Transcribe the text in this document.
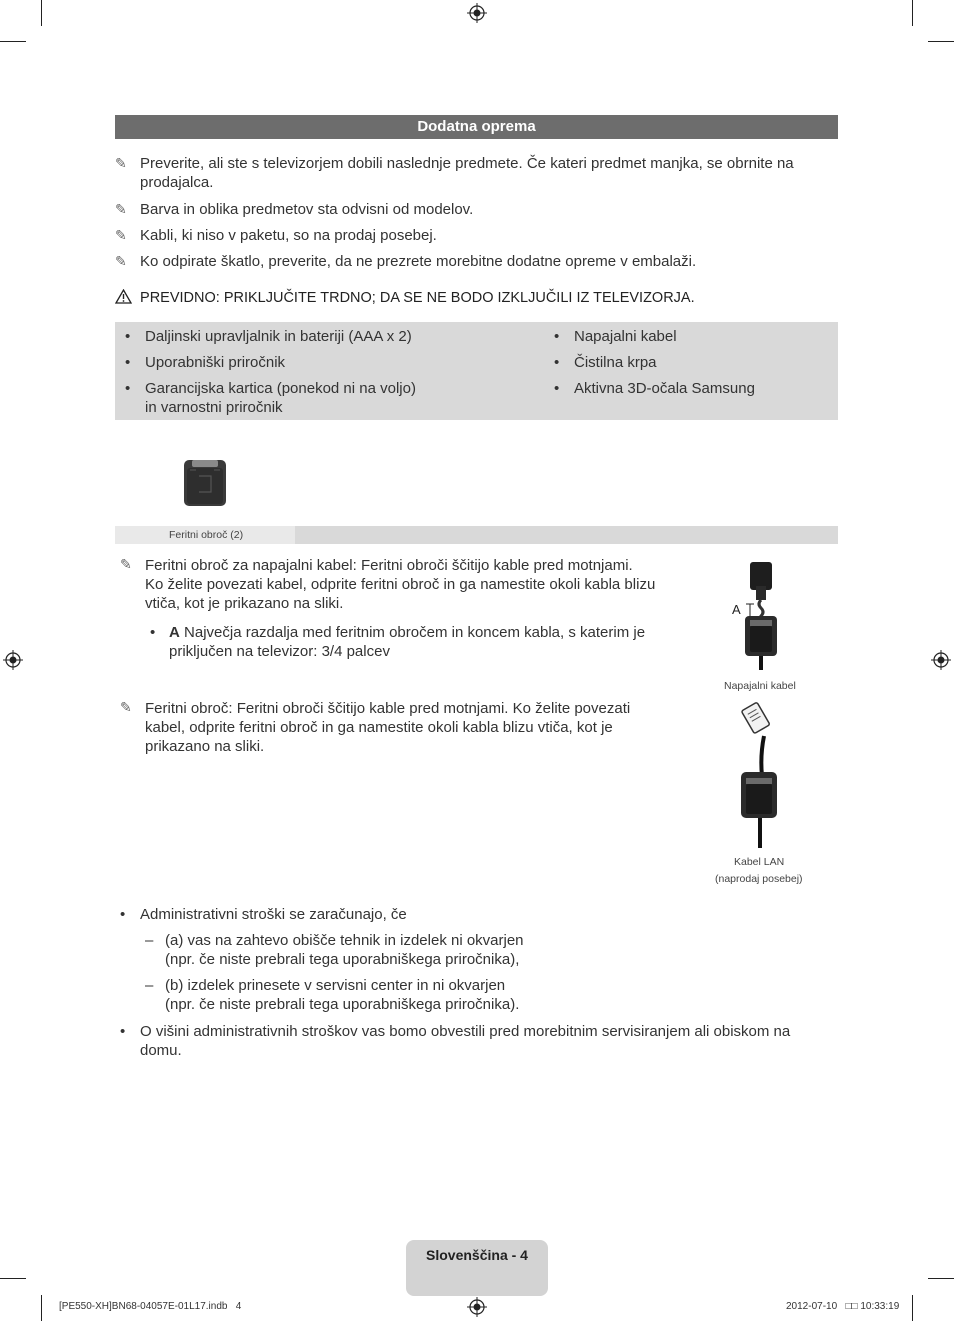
Dodatna oprema
✎ Preverite, ali ste s televizorjem dobili naslednje predmete. Če kateri predmet manjka, se obrnite na
prodajalca.
✎ Barva in oblika predmetov sta odvisni od modelov.
✎ Kabli, ki niso v paketu, so na prodaj posebej.
✎ Ko odpirate škatlo, preverite, da ne prezrete morebitne dodatne opreme v embalaži.
PREVIDNO: PRIKLJUČITE TRDNO; DA SE NE BODO IZKLJUČILI IZ TELEVIZORJA.
• Daljinski upravljalnik in bateriji (AAA x 2)
• Uporabniški priročnik
• Garancijska kartica (ponekod ni na voljo)
in varnostni priročnik
• Napajalni kabel
• Čistilna krpa
• Aktivna 3D-očala Samsung
Feritni obroč (2)
✎ Feritni obroč za napajalni kabel: Feritni obroči ščitijo kable pred motnjami.
Ko želite povezati kabel, odprite feritni obroč in ga namestite okoli kabla blizu
vtiča, kot je prikazano na sliki.
• A Največja razdalja med feritnim obročem in koncem kabla, s katerim je
priključen na televizor: 3/4 palcev
✎ Feritni obroč: Feritni obroči ščitijo kable pred motnjami. Ko želite povezati
kabel, odprite feritni obroč in ga namestite okoli kabla blizu vtiča, kot je
prikazano na sliki.
A
Napajalni kabel
Kabel LAN
(naprodaj posebej)
• Administrativni stroški se zaračunajo, če
– (a) vas na zahtevo obišče tehnik in izdelek ni okvarjen
(npr. če niste prebrali tega uporabniškega priročnika),
– (b) izdelek prinesete v servisni center in ni okvarjen
(npr. če niste prebrali tega uporabniškega priročnika).
• O višini administrativnih stroškov vas bomo obvestili pred morebitnim servisiranjem ali obiskom na
domu.
Slovenščina - 4
[PE550-XH]BN68-04057E-01L17.indb   4	2012-07-10   □□ 10:33:19
